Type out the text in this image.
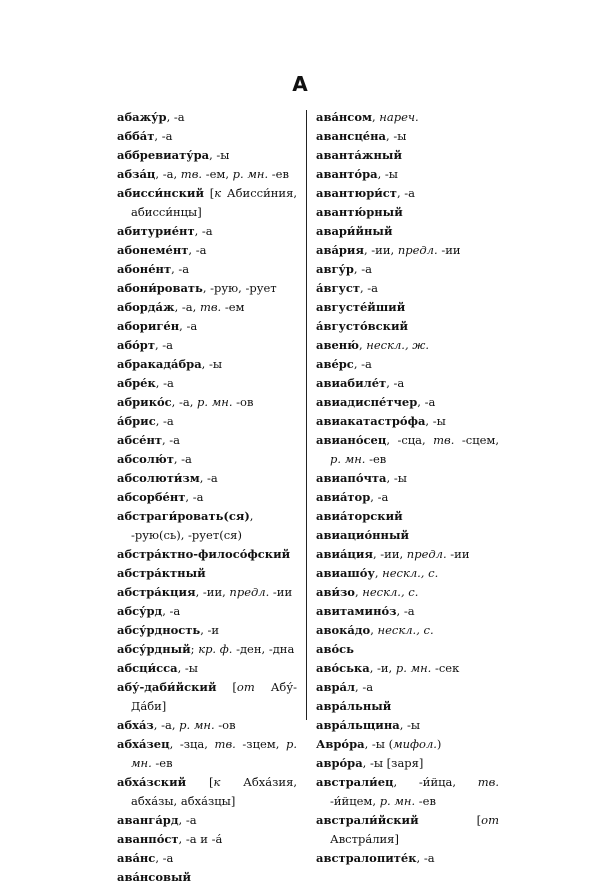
А
абажу́р, -а
абба́т, -а
аббревиату́ра, -ы
абза́ц, -а, тв. -ем, р. мн. -ев
абисси́нский [к Абисси́ния, абисси́нцы]
абитурие́нт, -а
абонеме́нт, -а
абоне́нт, -а
абони́ровать, -рую, -рует
аборда́ж, -а, тв. -ем
абориге́н, -а
або́рт, -а
абракада́бра, -ы
абре́к, -а
абрико́с, -а, р. мн. -ов
а́брис, -а
абсе́нт, -а
абсолю́т, -а
абсолюти́зм, -а
абсорбе́нт, -а
абстраги́ровать(ся), -рую(сь), -рует(ся)
абстра́ктно-филосо́фский
абстра́ктный
абстра́кция, -ии, предл. -ии
абсу́рд, -а
абсу́рдность, -и
абсу́рдный; кр. ф. -ден, -дна
абсци́сса, -ы
абу́-даби́йский [от Абу́-Да́би]
абха́з, -а, р. мн. -ов
абха́зец, -зца, тв. -зцем, р. мн. -ев
абха́зский [к Абха́зия, абха́зы, абха́зцы]
аванга́рд, -а
аванпо́ст, -а и -а́
ава́нс, -а
ава́нсовый
ава́нсом, нареч.
авансце́на, -ы
аванта́жный
аванто́ра, -ы
авантюри́ст, -а
авантю́рный
авари́йный
ава́рия, -ии, предл. -ии
авгу́р, -а
а́вгуст, -а
августе́йший
а́вгусто́вский
авеню́, нескл., ж.
аве́рс, -а
авиабиле́т, -а
авиадиспе́тчер, -а
авиакатастро́фа, -ы
авиано́сец, -сца, тв. -сцем, р. мн. -ев
авиапо́чта, -ы
авиа́тор, -а
авиа́торский
авиацио́нный
авиа́ция, -ии, предл. -ии
авиашо́у, нескл., с.
ави́зо, нескл., с.
авитамино́з, -а
авока́до, нескл., с.
аво́сь
аво́ська, -и, р. мн. -сек
авра́л, -а
авра́льный
авра́льщина, -ы
Авро́ра, -ы (мифол.)
авро́ра, -ы [заря]
австрали́ец, -и́йца, тв. -и́йцем, р. мн. -ев
австрали́йский	[от Австра́лия]
австралопите́к, -а
